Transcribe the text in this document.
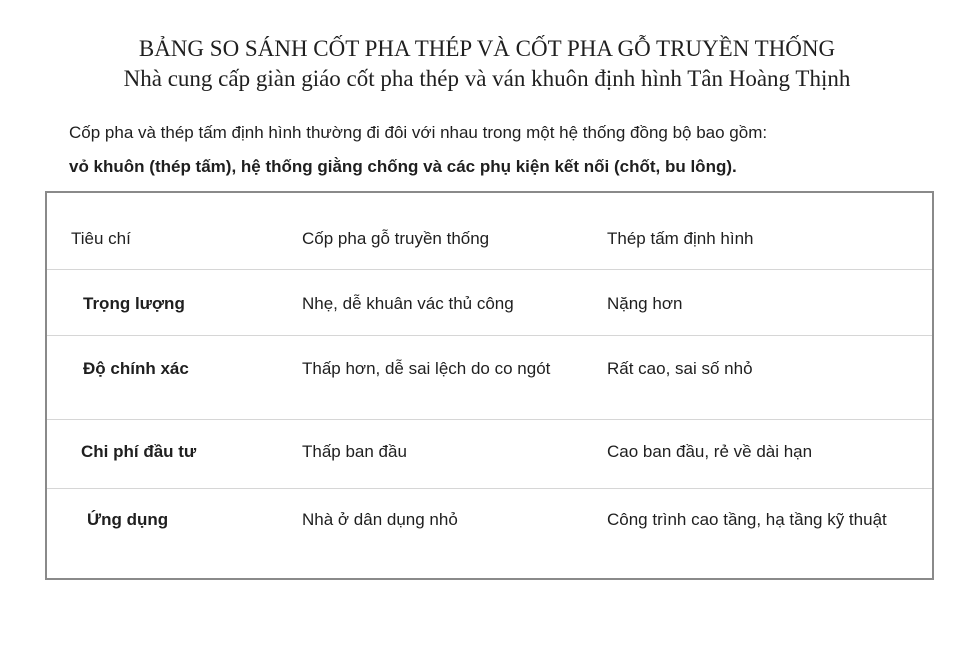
BẢNG SO SÁNH CỐT PHA THÉP VÀ CỐT PHA GỖ TRUYỀN THỐNG
Nhà cung cấp giàn giáo cốt pha thép và ván khuôn định hình Tân Hoàng Thịnh
Cốp pha và thép tấm định hình thường đi đôi với nhau trong một hệ thống đồng bộ bao gồm:
vỏ khuôn (thép tấm), hệ thống giằng chống và các phụ kiện kết nối (chốt, bu lông).
Tiêu chí	Cốp pha gỗ truyền thống	Thép tấm định hình
Trọng lượng	Nhẹ, dễ khuân vác thủ công	Nặng hơn
Độ chính xác	Thấp hơn, dễ sai lệch do co ngót	Rất cao, sai số nhỏ
Chi phí đầu tư	Thấp ban đầu	Cao ban đầu, rẻ về dài hạn
Ứng dụng	Nhà ở dân dụng nhỏ	Công trình cao tầng, hạ tầng kỹ thuật
